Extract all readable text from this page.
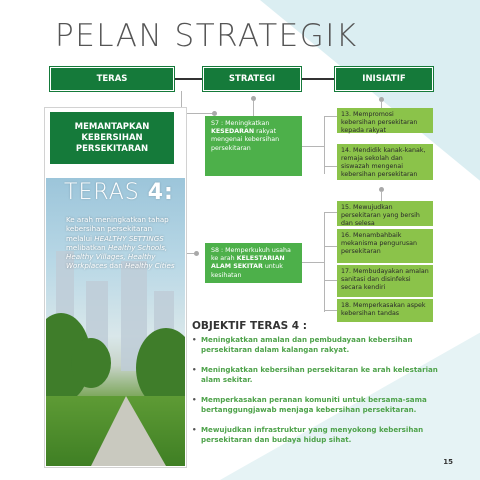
PELAN STRATEGIK
TERAS	STRATEGI	INISIATIF
MEMANTAPKAN KEBERSIHAN PERSEKITARAN
TERAS 4:

Ke arah meningkatkan tahap kebersihan persekitaran melalui HEALTHY SETTINGS melibatkan Healthy Schools, Healthy Villages, Healthy Workplaces dan Healthy Cities

S7 : Meningkatkan KESEDARAN rakyat mengenai kebersihan persekitaran
S8 : Memperkukuh usaha ke arah KELESTARIAN ALAM SEKITAR untuk kesihatan
13. Mempromosi kebersihan persekitaran kepada rakyat
14. Mendidik kanak-kanak, remaja sekolah dan siswazah mengenai kebersihan persekitaran
15. Mewujudkan persekitaran yang bersih dan selesa
16. Menambahbaik mekanisma pengurusan persekitaran
17. Membudayakan amalan sanitasi dan disinfeksi secara kendiri
18. Memperkasakan aspek kebersihan tandas
OBJEKTIF TERAS 4 :
• Meningkatkan amalan dan pembudayaan kebersihan persekitaran dalam kalangan rakyat.
• Meningkatkan kebersihan persekitaran ke arah kelestarian alam sekitar.
• Memperkasakan peranan komuniti untuk bersama-sama bertanggungjawab menjaga kebersihan persekitaran.
• Mewujudkan infrastruktur yang menyokong kebersihan persekitaran dan budaya hidup sihat.
15
